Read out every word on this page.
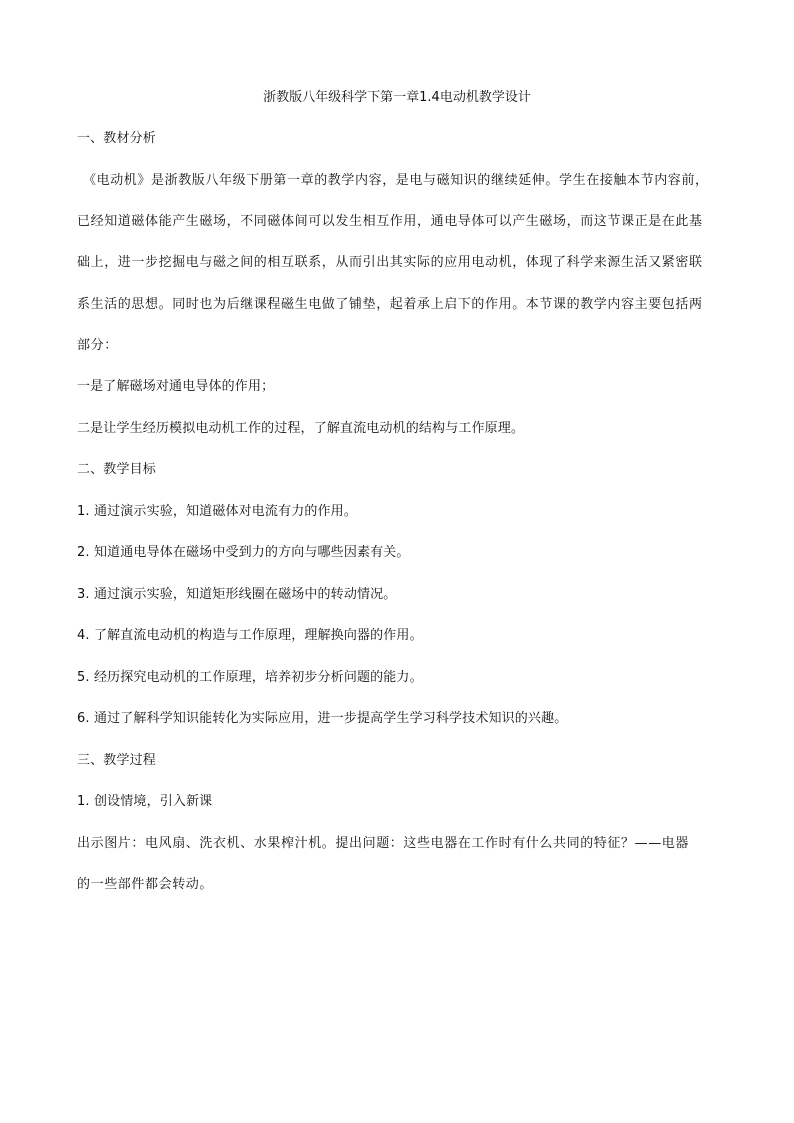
浙教版八年级科学下第一章1.4电动机教学设计
一、教材分析
《电动机》是浙教版八年级下册第一章的教学内容，是电与磁知识的继续延伸。学生在接触本节内容前，
已经知道磁体能产生磁场，不同磁体间可以发生相互作用，通电导体可以产生磁场，而这节课正是在此基
础上，进一步挖掘电与磁之间的相互联系，从而引出其实际的应用电动机，体现了科学来源生活又紧密联
系生活的思想。同时也为后继课程磁生电做了铺垫，起着承上启下的作用。本节课的教学内容主要包括两
部分：
一是了解磁场对通电导体的作用；
二是让学生经历模拟电动机工作的过程，了解直流电动机的结构与工作原理。
二、教学目标
1. 通过演示实验，知道磁体对电流有力的作用。
2. 知道通电导体在磁场中受到力的方向与哪些因素有关。
3. 通过演示实验，知道矩形线圈在磁场中的转动情况。
4. 了解直流电动机的构造与工作原理，理解换向器的作用。
5. 经历探究电动机的工作原理，培养初步分析问题的能力。
6. 通过了解科学知识能转化为实际应用，进一步提高学生学习科学技术知识的兴趣。
三、教学过程
1. 创设情境，引入新课
出示图片：电风扇、洗衣机、水果榨汁机。提出问题：这些电器在工作时有什么共同的特征？——电器
的一些部件都会转动。
